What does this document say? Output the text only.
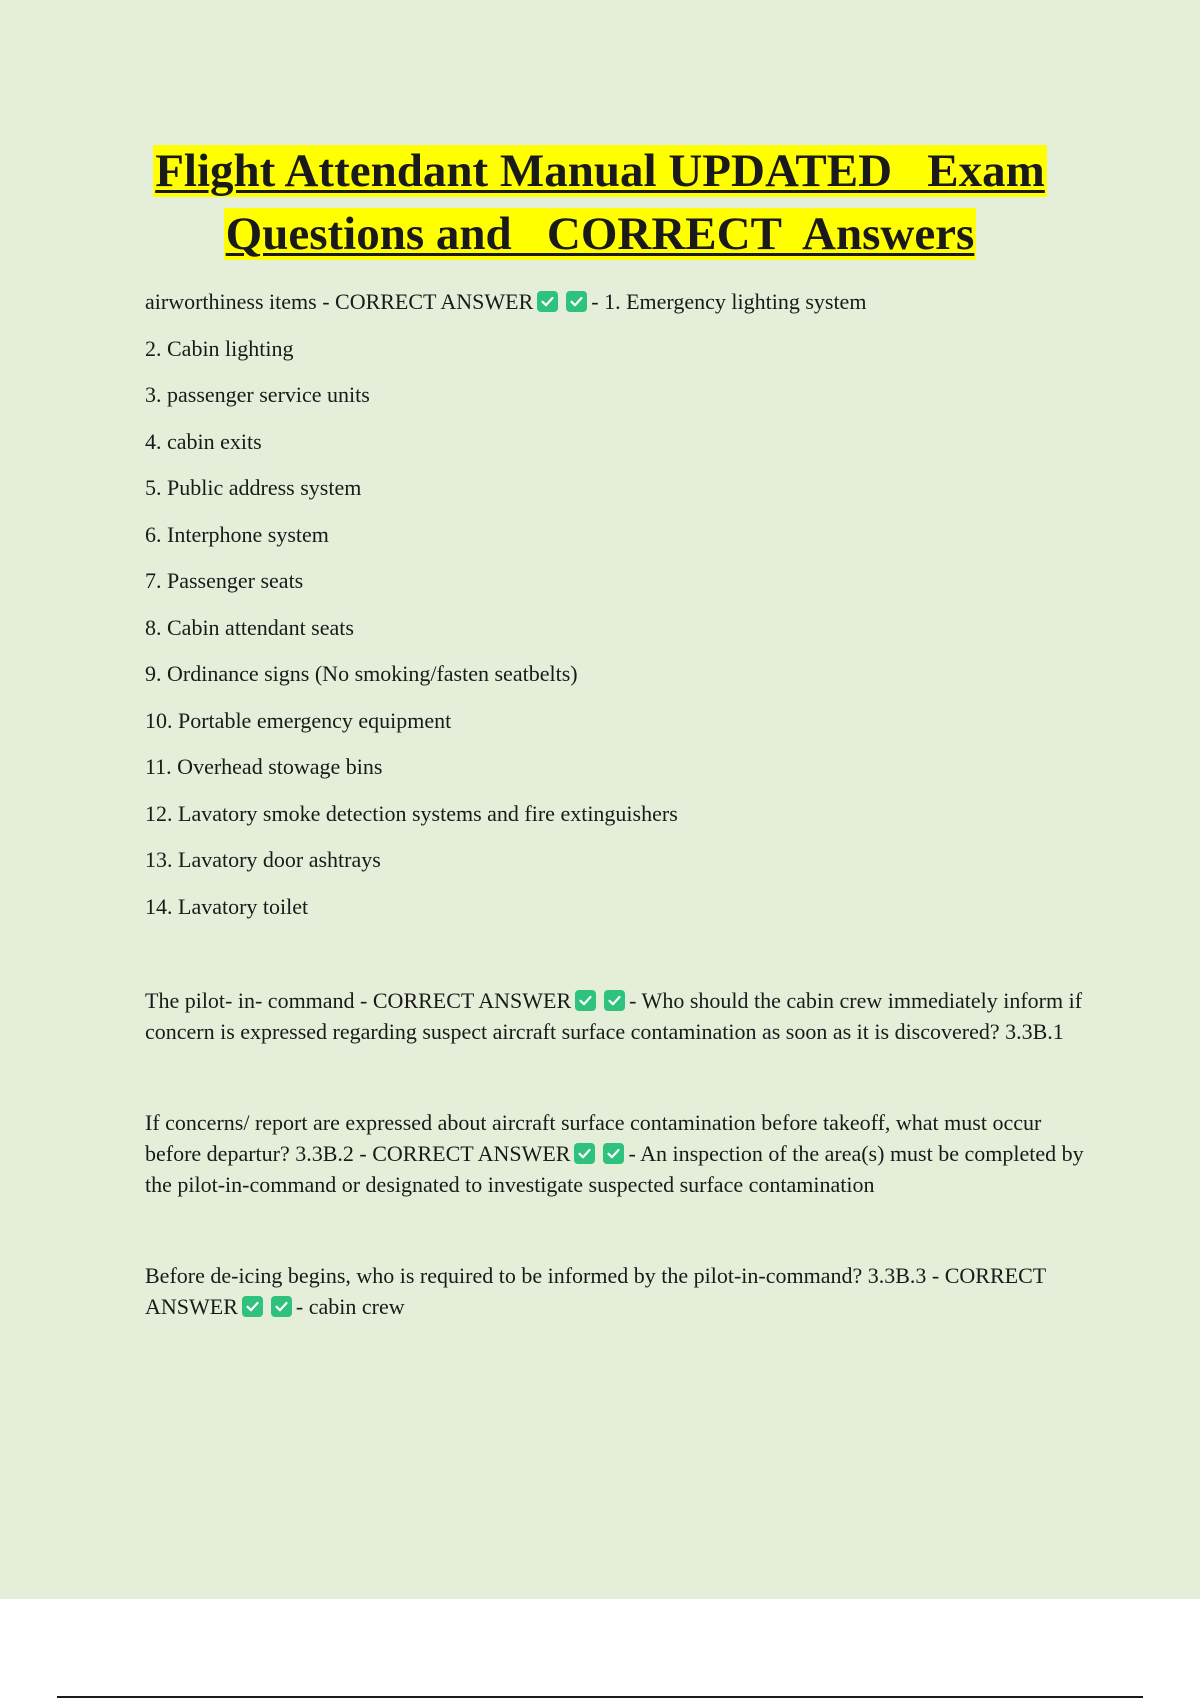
Flight Attendant Manual UPDATED   Exam
Questions and   CORRECT  Answers

airworthiness items - CORRECT ANSWER	- 1. Emergency lighting system

2. Cabin lighting

3. passenger service units

4. cabin exits

5. Public address system

6. Interphone system

7. Passenger seats

8. Cabin attendant seats

9. Ordinance signs (No smoking/fasten seatbelts)

10. Portable emergency equipment

11. Overhead stowage bins

12. Lavatory smoke detection systems and fire extinguishers

13. Lavatory door ashtrays

14. Lavatory toilet

The pilot- in- command - CORRECT ANSWER	- Who should the cabin crew immediately inform if concern is expressed regarding suspect aircraft surface contamination as soon as it is discovered? 3.3B.1

If concerns/ report are expressed about aircraft surface contamination before takeoff, what must occur before departur? 3.3B.2 - CORRECT ANSWER	- An inspection of the area(s) must be completed by the pilot-in-command or designated to investigate suspected surface contamination

Before de-icing begins, who is required to be informed by the pilot-in-command? 3.3B.3 - CORRECT ANSWER	- cabin crew
